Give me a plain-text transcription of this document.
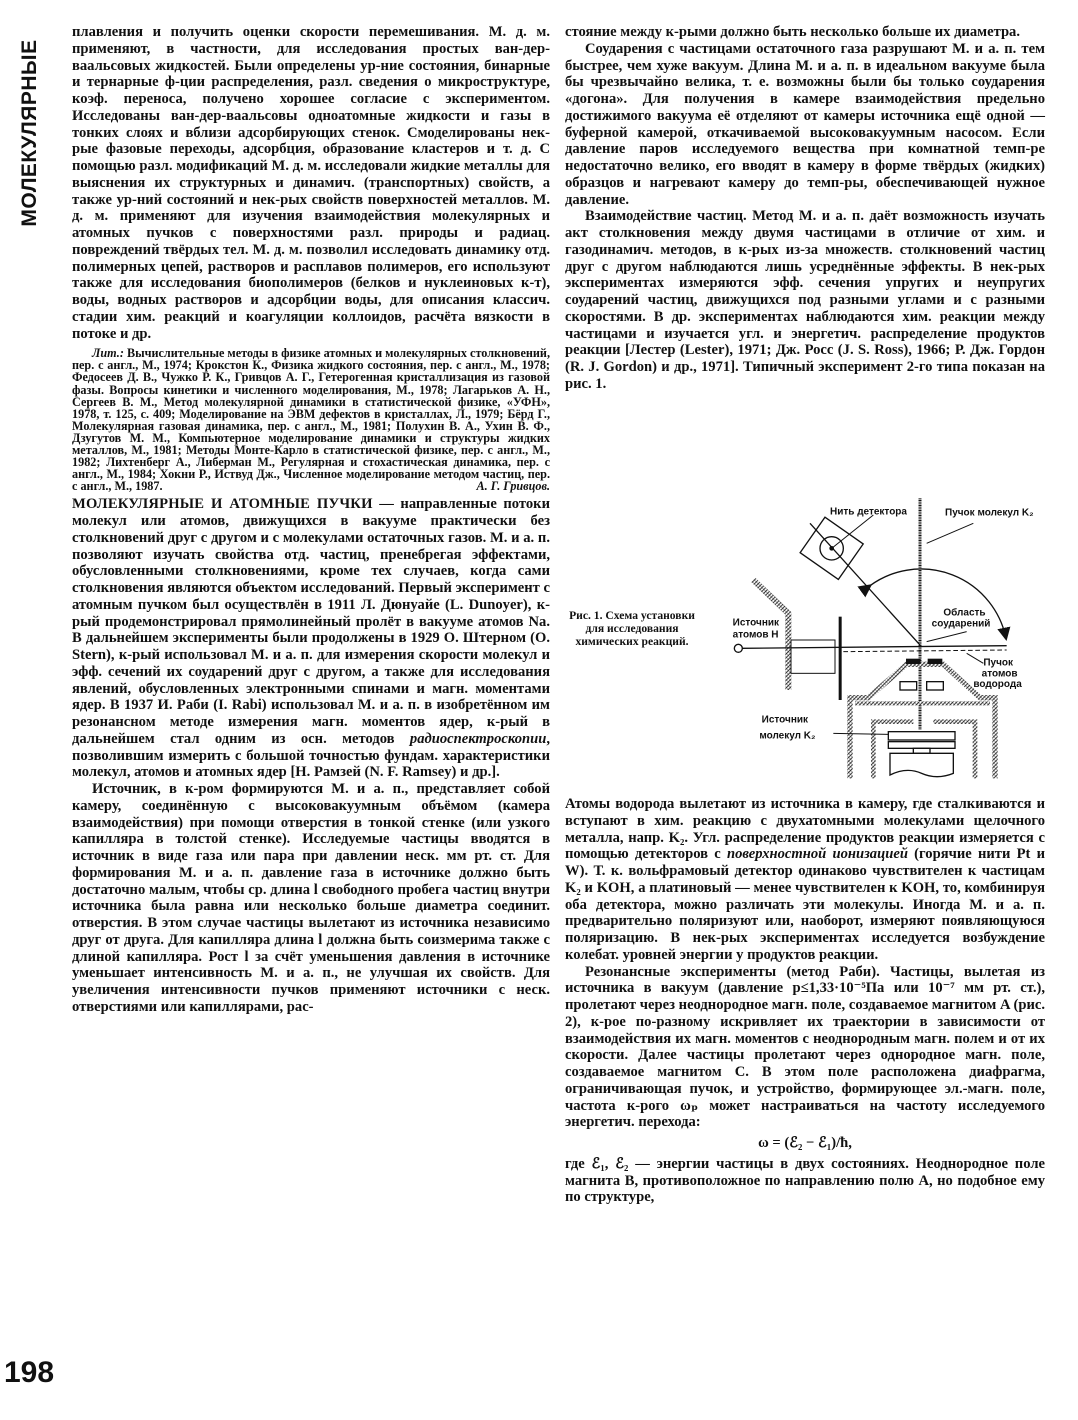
МОЛЕКУЛЯРНЫЕ
198

плавления и получить оценки скорости перемешивания. М. д. м. применяют, в частности, для исследования простых ван-дер-ваальсовых жидкостей. Были определены ур-ние состояния, бинарные и тернарные ф-ции распределения, разл. сведения о микроструктуре, коэф. переноса, получено хорошее согласие с экспериментом. Исследованы ван-дер-ваальсовы одноатомные жидкости и газы в тонких слоях и вблизи адсорбирующих стенок. Смоделированы нек-рые фазовые переходы, адсорбция, образование кластеров и т. д. С помощью разл. модификаций М. д. м. исследовали жидкие металлы для выяснения их структурных и динамич. (транспортных) свойств, а также ур-ний состояний и нек-рых свойств поверхностей металлов. М. д. м. применяют для изучения взаимодействия молекулярных и атомных пучков с поверхностями разл. природы и радиац. повреждений твёрдых тел. М. д. м. позволил исследовать динамику отд. полимерных цепей, растворов и расплавов полимеров, его используют также для исследования биополимеров (белков и нуклеиновых к-т), воды, водных растворов и адсорбции воды, для описания классич. стадии хим. реакций и коагуляции коллоидов, расчёта вязкости в потоке и др.

Лит.: Вычислительные методы в физике атомных и молекулярных столкновений, пер. с англ., М., 1974; Крокстон К., Физика жидкого состояния, пер. с англ., М., 1978; Федосеев Д. В., Чужко Р. К., Гривцов А. Г., Гетерогенная кристаллизация из газовой фазы. Вопросы кинетики и численного моделирования, М., 1978; Лагарьков А. Н., Сергеев В. М., Метод молекулярной динамики в статистической физике, «УФН», 1978, т. 125, с. 409; Моделирование на ЭВМ дефектов в кристаллах, Л., 1979; Бёрд Г., Молекулярная газовая динамика, пер. с англ., М., 1981; Полухин В. А., Ухин В. Ф., Дзугутов М. М., Компьютерное моделирование динамики и структуры жидких металлов, М., 1981; Методы Монте-Карло в статистической физике, пер. с англ., М., 1982; Лихтенберг А., Либерман М., Регулярная и стохастическая динамика, пер. с англ., М., 1984; Хокни Р., Иствуд Дж., Численное моделирование методом частиц, пер. с англ., М., 1987.	А. Г. Гривцов.

МОЛЕКУЛЯРНЫЕ И АТОМНЫЕ ПУЧКИ — направленные потоки молекул или атомов, движущихся в вакууме практически без столкновений друг с другом и с молекулами остаточных газов. М. и а. п. позволяют изучать свойства отд. частиц, пренебрегая эффектами, обусловленными столкновениями, кроме тех случаев, когда сами столкновения являются объектом исследований. Первый эксперимент с атомным пучком был осуществлён в 1911 Л. Дюнуайе (L. Dunoyer), к-рый продемонстрировал прямолинейный пролёт в вакууме атомов Na. В дальнейшем эксперименты были продолжены в 1929 О. Штерном (O. Stern), к-рый использовал М. и а. п. для измерения скорости молекул и эфф. сечений их соударений друг с другом, а также для исследования явлений, обусловленных электронными спинами и магн. моментами ядер. В 1937 И. Раби (I. Rabi) использовал М. и а. п. в изобретённом им резонансном методе измерения магн. моментов ядер, к-рый в дальнейшем стал одним из осн. методов радиоспектроскопии, позволившим измерить с большой точностью фундам. характеристики молекул, атомов и атомных ядер [Н. Рамзей (N. F. Ramsey) и др.].

Источник, в к-ром формируются М. и а. п., представляет собой камеру, соединённую с высоковакуумным объёмом (камера взаимодействия) при помощи отверстия в тонкой стенке (или узкого капилляра в толстой стенке). Исследуемые частицы вводятся в источник в виде газа или пара при давлении неск. мм рт. ст. Для формирования М. и а. п. давление газа в источнике должно быть достаточно малым, чтобы ср. длина l свободного пробега частиц внутри источника была равна или несколько больше диаметра соединит. отверстия. В этом случае частицы вылетают из источника независимо друг от друга. Для капилляра длина l должна быть соизмерима также с длиной капилляра. Рост l за счёт уменьшения давления в источнике уменьшает интенсивность М. и а. п., не улучшая их свойств. Для увеличения интенсивности пучков применяют источники с неск. отверстиями или капиллярами, рас-

стояние между к-рыми должно быть несколько больше их диаметра.

Соударения с частицами остаточного газа разрушают М. и а. п. тем быстрее, чем хуже вакуум. Длина М. и а. п. в идеальном вакууме была бы чрезвычайно велика, т. е. возможны были бы только соударения «догона». Для получения в камере взаимодействия предельно достижимого вакуума её отделяют от камеры источника ещё одной — буферной камерой, откачиваемой высоковакуумным насосом. Если давление паров исследуемого вещества при комнатной темп-ре недостаточно велико, его вводят в камеру в форме твёрдых (жидких) образцов и нагревают камеру до темп-ры, обеспечивающей нужное давление.

Взаимодействие частиц. Метод М. и а. п. даёт возможность изучать акт столкновения между двумя частицами в отличие от хим. и газодинамич. методов, в к-рых из-за множеств. столкновений частиц друг с другом наблюдаются лишь усреднённые эффекты. В нек-рых экспериментах измеряются эфф. сечения упругих и неупругих соударений частиц, движущихся под разными углами и с разными скоростями. В др. экспериментах наблюдаются хим. реакции между частицами и изучается угл. и энергетич. распределение продуктов реакции [Лестер (Lester), 1971; Дж. Росс (J. S. Ross), 1966; Р. Дж. Гордон (R. J. Gordon) и др., 1971]. Типичный эксперимент 2-го типа показан на рис. 1.

Рис. 1. Схема установки для исследования химических реакций.
Нить детектора Пучок молекул K₂
Область
соударений
Пучок
атомов
водорода
Источник
атомов H
Источник
молекул K₂

Атомы водорода вылетают из источника в камеру, где сталкиваются и вступают в хим. реакцию с двухатомными молекулами щелочного металла, напр. K₂. Угл. распределение продуктов реакции измеряется с помощью детекторов с поверхностной ионизацией (горячие нити Pt и W). Т. к. вольфрамовый детектор одинаково чувствителен к частицам K₂ и KOH, а платиновый — менее чувствителен к KOH, то, комбинируя оба детектора, можно различать эти молекулы. Иногда М. и а. п. предварительно поляризуют или, наоборот, измеряют появляющуюся поляризацию. В нек-рых экспериментах исследуется возбуждение колебат. уровней энергии у продуктов реакции.

Резонансные эксперименты (метод Раби). Частицы, вылетая из источника в вакуум (давление p≤1,33·10⁻⁵Па или 10⁻⁷ мм рт. ст.), пролетают через неоднородное магн. поле, создаваемое магнитом A (рис. 2), к-рое по-разному искривляет их траектории в зависимости от взаимодействия их магн. моментов с неоднородным магн. полем и от их скорости. Далее частицы пролетают через однородное магн. поле, создаваемое магнитом C. В этом поле расположена диафрагма, ограничивающая пучок, и устройство, формирующее эл.-магн. поле, частота к-рого ωₚ может настраиваться на частоту исследуемого энергетич. перехода:

ω = (ℰ₂ − ℰ₁)/ħ,

где ℰ₁, ℰ₂ — энергии частицы в двух состояниях. Неоднородное поле магнита B, противоположное по направлению полю A, но подобное ему по структуре,
